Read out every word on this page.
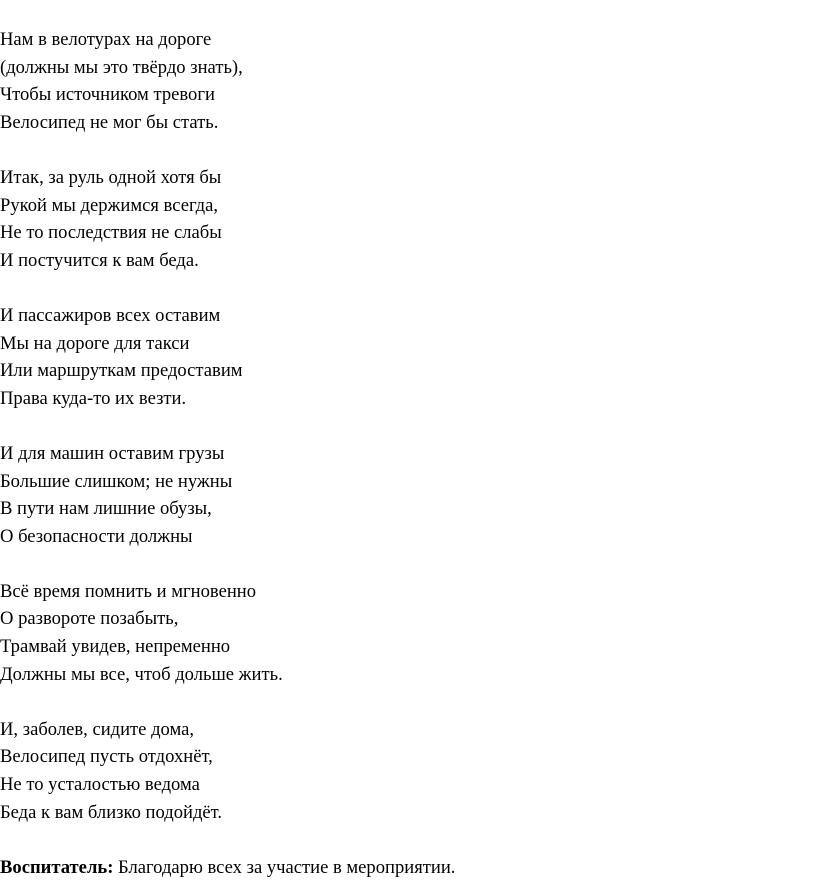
Нам в велотурах на дороге
(должны мы это твёрдо знать),
Чтобы источником тревоги
Велосипед не мог бы стать.
Итак, за руль одной хотя бы
Рукой мы держимся всегда,
Не то последствия не слабы
И постучится к вам беда.
И пассажиров всех оставим
Мы на дороге для такси
Или маршруткам предоставим
Права куда-то их везти.
И для машин оставим грузы
Большие слишком; не нужны
В пути нам лишние обузы,
О безопасности должны
Всё время помнить и мгновенно
О развороте позабыть,
Трамвай увидев, непременно
Должны мы все, чтоб дольше жить.
И, заболев, сидите дома,
Велосипед пусть отдохнёт,
Не то усталостью ведома
Беда к вам близко подойдёт.
Воспитатель: Благодарю всех за участие в мероприятии.
